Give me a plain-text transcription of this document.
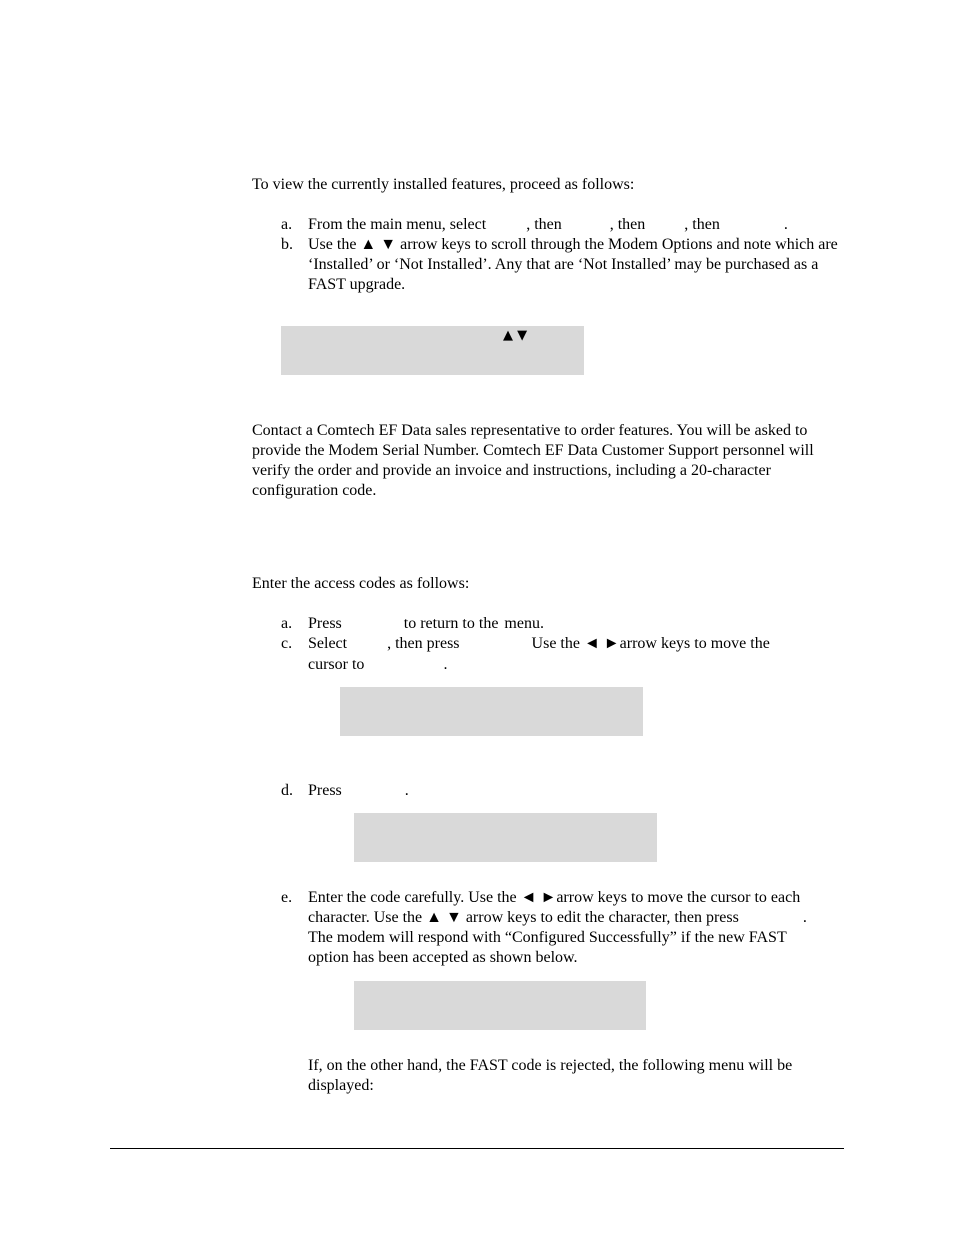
To view the currently installed features, proceed as follows:
a. From the main menu, select	, then	, then , then	.
b. Use the ▲ ▼ arrow keys to scroll through the Modem Options and note which are ‘Installed’ or ‘Not Installed’. Any that are ‘Not Installed’ may be purchased as a FAST upgrade.
▲ ▼
Contact a Comtech EF Data sales representative to order features. You will be asked to provide the Modem Serial Number. Comtech EF Data Customer Support personnel will verify the order and provide an invoice and instructions, including a 20-character configuration code.
Enter the access codes as follows:
a. Press	to return to the menu.
c. Select	, then press	Use the ◄ ►arrow keys to move the
cursor to	.
d. Press	.
e. Enter the code carefully. Use the ◄ ►arrow keys to move the cursor to each
character. Use the ▲ ▼ arrow keys to edit the character, then press	.
The modem will respond with “Configured Successfully” if the new FAST
option has been accepted as shown below.
If, on the other hand, the FAST code is rejected, the following menu will be displayed:
